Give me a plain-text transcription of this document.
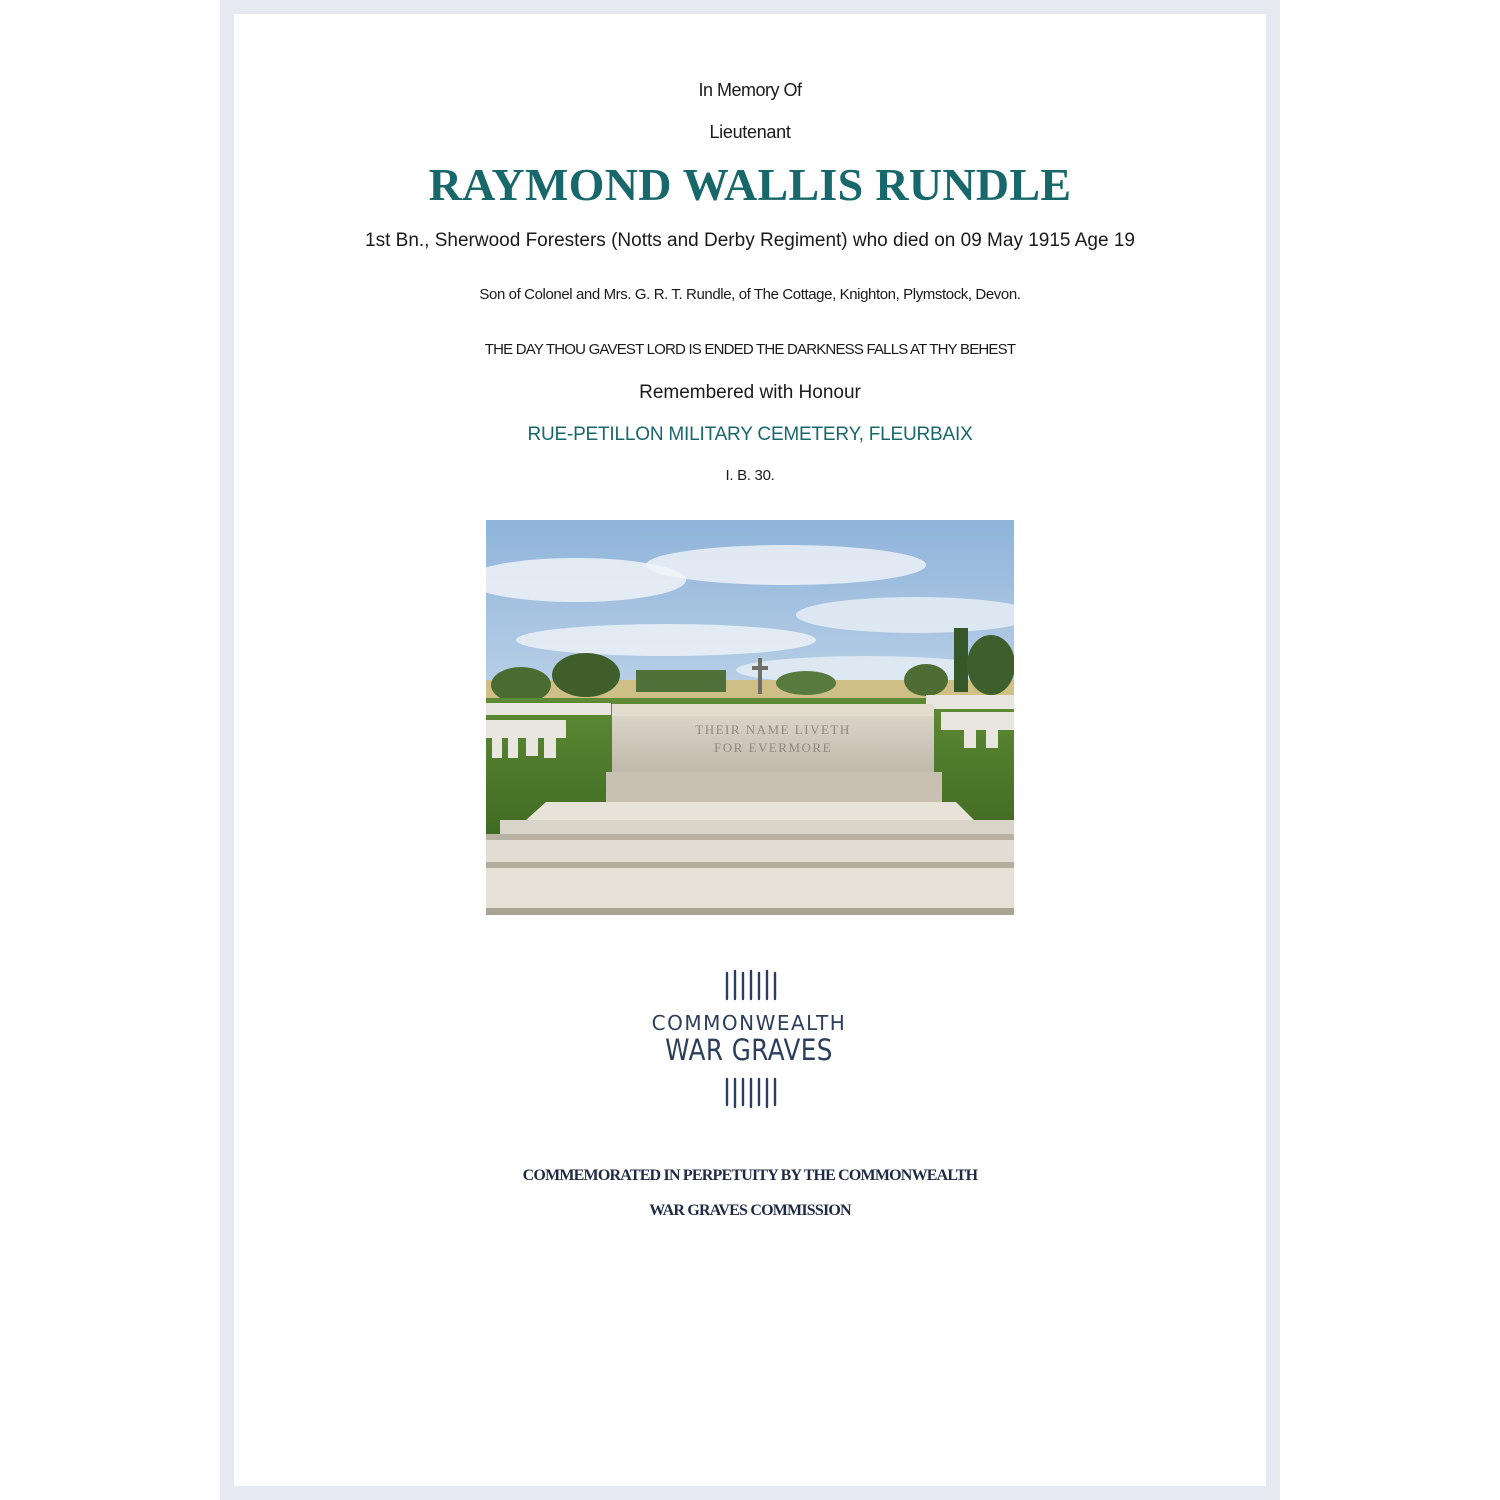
In Memory Of
Lieutenant
RAYMOND WALLIS RUNDLE
1st Bn., Sherwood Foresters (Notts and Derby Regiment) who died on 09 May 1915 Age 19
Son of Colonel and Mrs. G. R. T. Rundle, of The Cottage, Knighton, Plymstock, Devon.
THE DAY THOU GAVEST LORD IS ENDED THE DARKNESS FALLS AT THY BEHEST
Remembered with Honour
RUE-PETILLON MILITARY CEMETERY, FLEURBAIX
I. B. 30.
THEIR NAME LIVETH
FOR EVERMORE
COMMONWEALTH
WAR GRAVES
COMMEMORATED IN PERPETUITY BY THE COMMONWEALTH
WAR GRAVES COMMISSION
